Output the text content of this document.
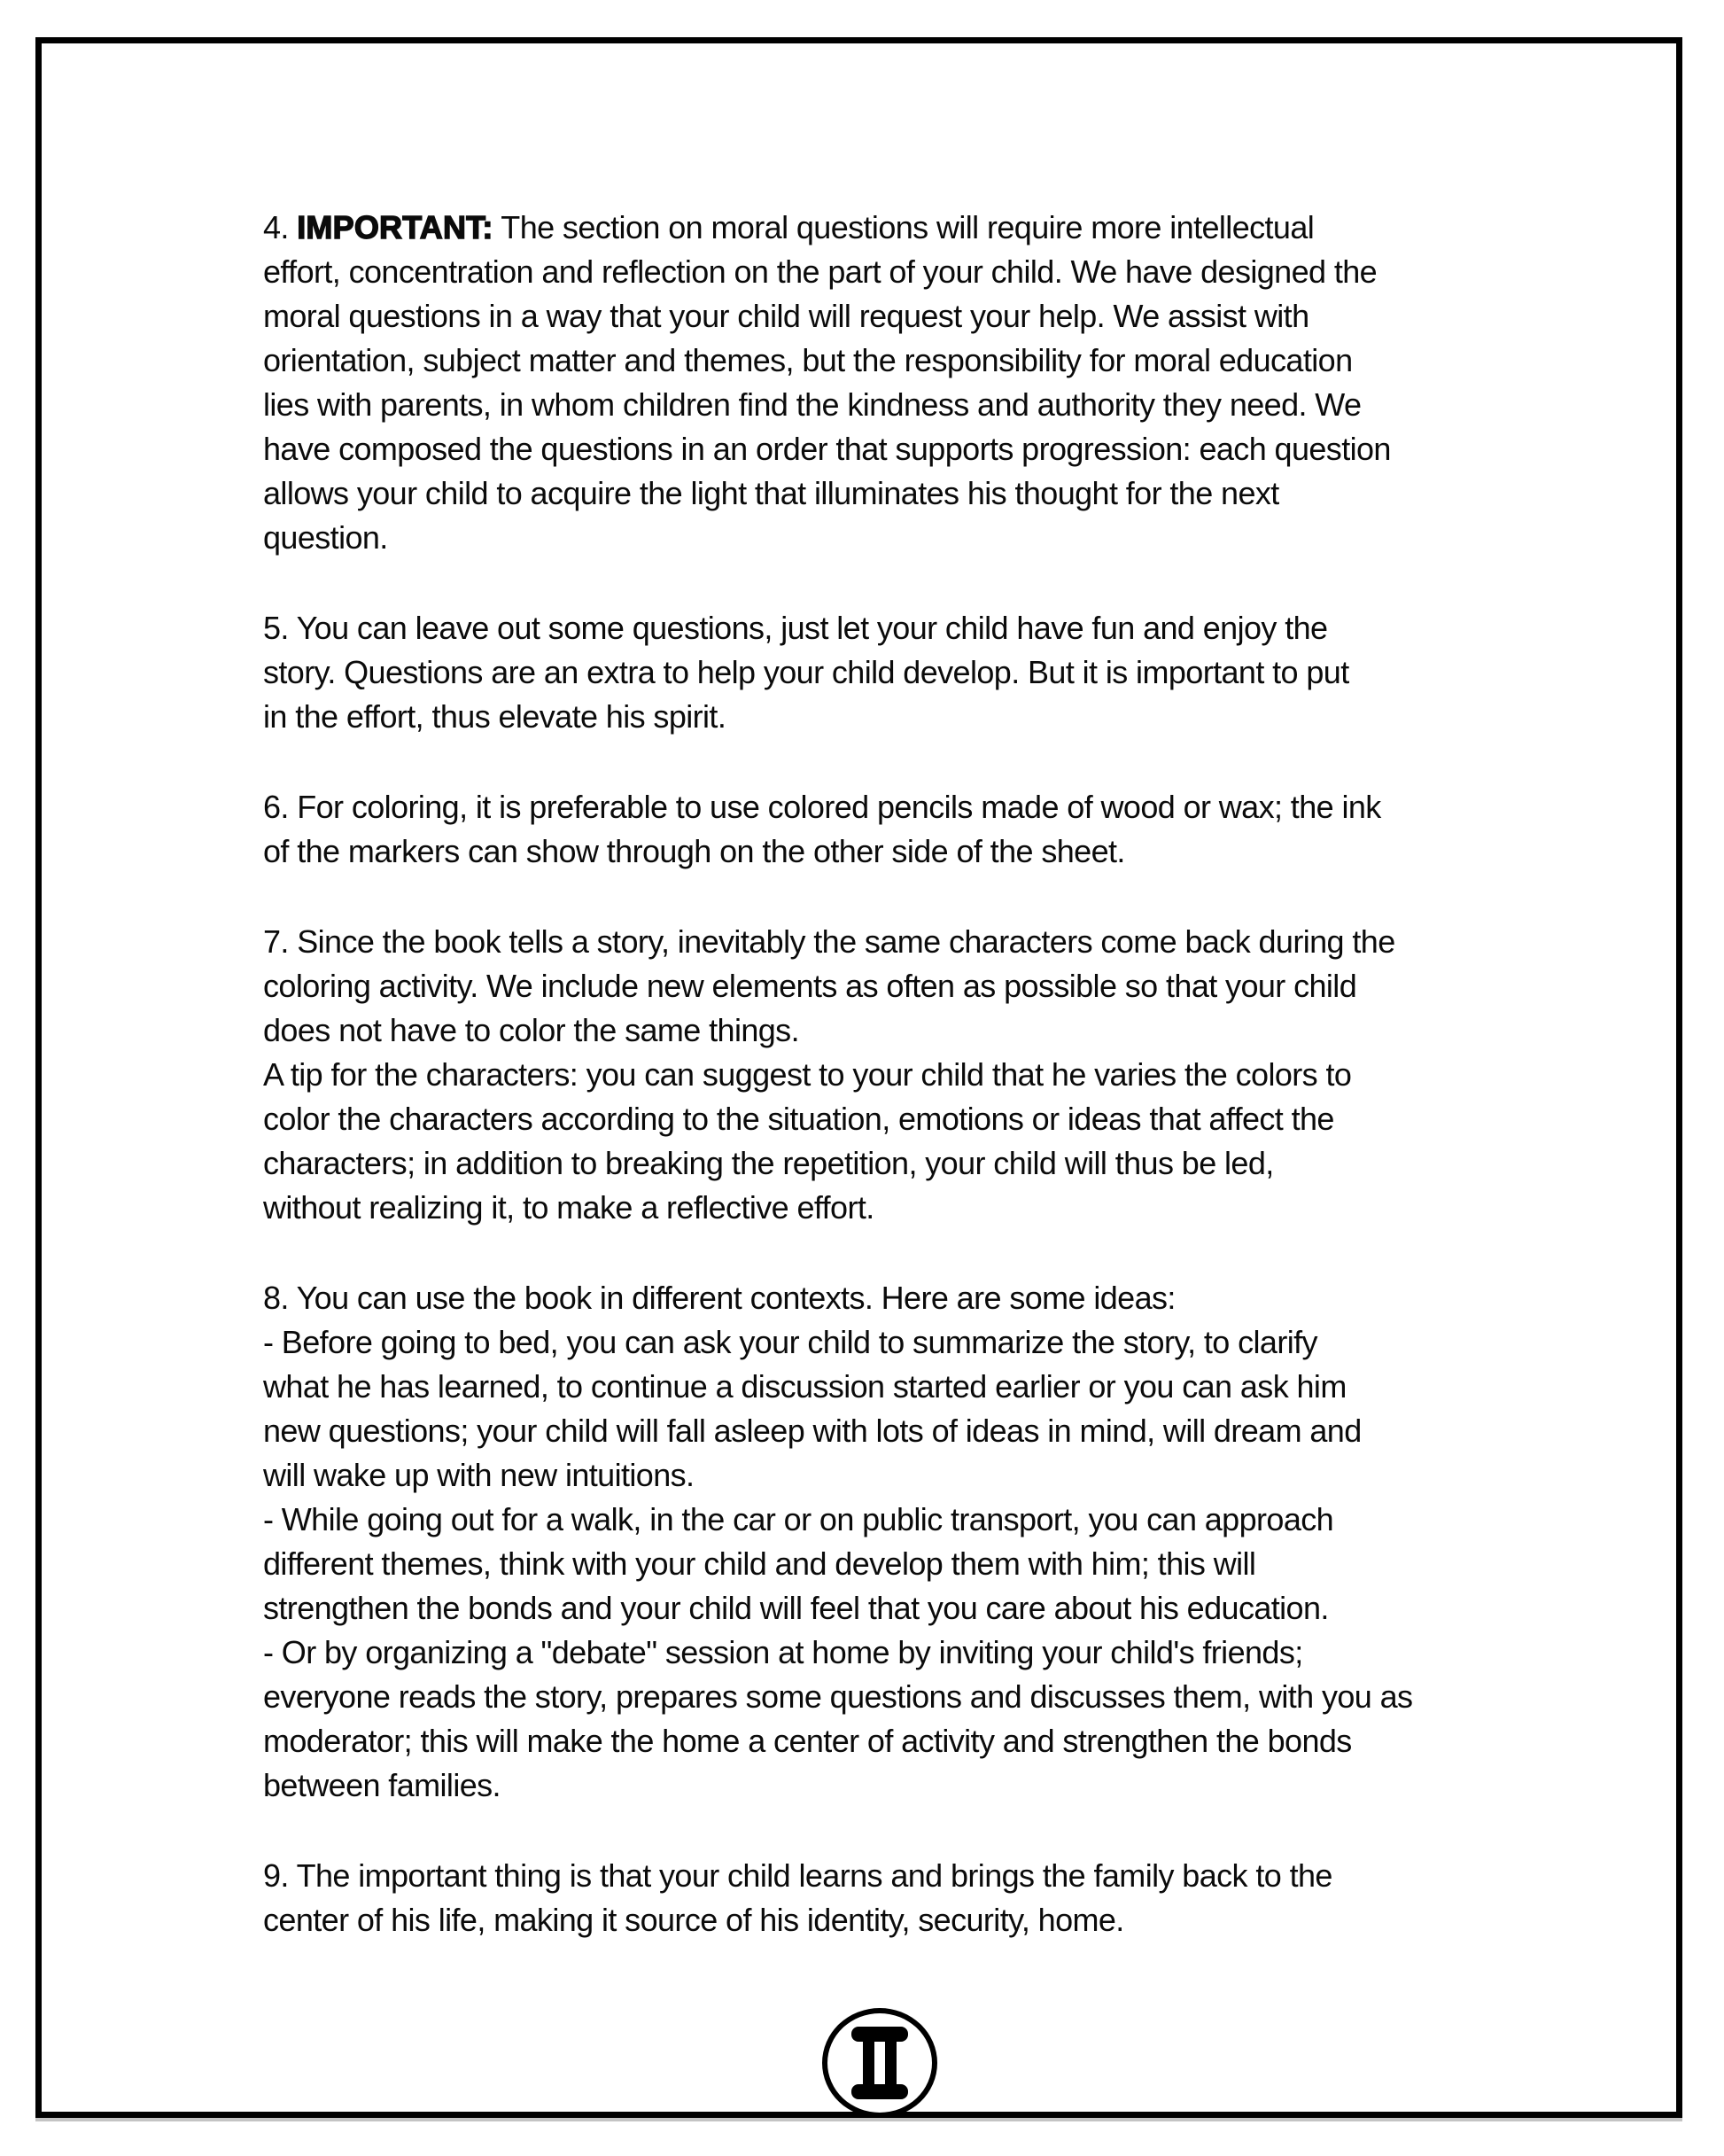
4. IMPORTANT: The section on moral questions will require more intellectual
effort, concentration and reflection on the part of your child. We have designed the
moral questions in a way that your child will request your help. We assist with
orientation, subject matter and themes, but the responsibility for moral education
lies with parents, in whom children find the kindness and authority they need. We
have composed the questions in an order that supports progression: each question
allows your child to acquire the light that illuminates his thought for the next
question.
5. You can leave out some questions, just let your child have fun and enjoy the
story. Questions are an extra to help your child develop. But it is important to put
in the effort, thus elevate his spirit.
6. For coloring, it is preferable to use colored pencils made of wood or wax; the ink
of the markers can show through on the other side of the sheet.
7. Since the book tells a story, inevitably the same characters come back during the
coloring activity. We include new elements as often as possible so that your child
does not have to color the same things.
A tip for the characters: you can suggest to your child that he varies the colors to
color the characters according to the situation, emotions or ideas that affect the
characters; in addition to breaking the repetition, your child will thus be led,
without realizing it, to make a reflective effort.
8. You can use the book in different contexts. Here are some ideas:
- Before going to bed, you can ask your child to summarize the story, to clarify
what he has learned, to continue a discussion started earlier or you can ask him
new questions; your child will fall asleep with lots of ideas in mind, will dream and
will wake up with new intuitions.
- While going out for a walk, in the car or on public transport, you can approach
different themes, think with your child and develop them with him; this will
strengthen the bonds and your child will feel that you care about his education.
- Or by organizing a "debate" session at home by inviting your child's friends;
everyone reads the story, prepares some questions and discusses them, with you as
moderator; this will make the home a center of activity and strengthen the bonds
between families.
9. The important thing is that your child learns and brings the family back to the
center of his life, making it source of his identity, security, home.
